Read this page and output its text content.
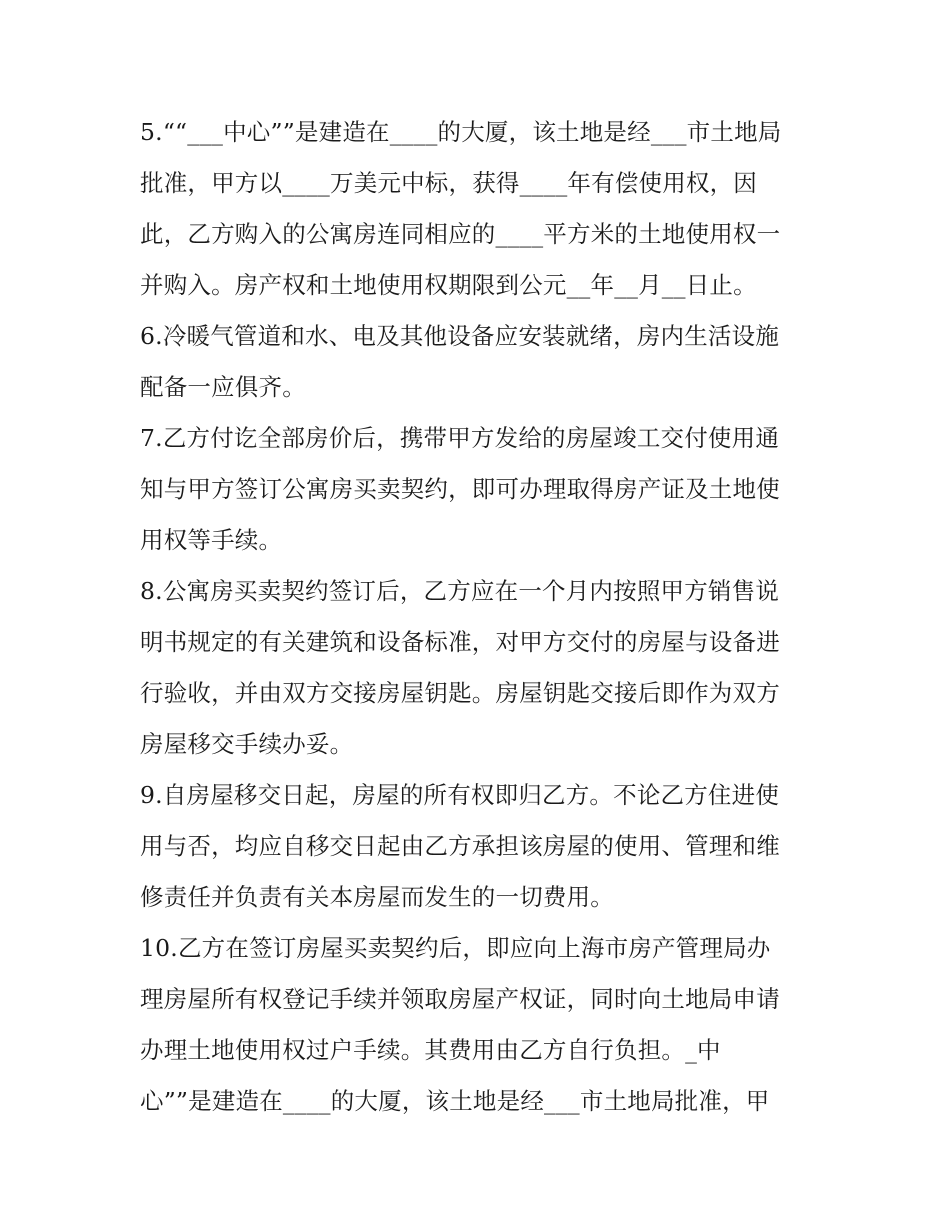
5.““___中心””是建造在____的大厦，该土地是经___市土地局
批准，甲方以____万美元中标，获得____年有偿使用权，因
此，乙方购入的公寓房连同相应的____平方米的土地使用权一
并购入。房产权和土地使用权期限到公元__年__月__日止。
6.冷暖气管道和水、电及其他设备应安装就绪，房内生活设施
配备一应俱齐。
7.乙方付讫全部房价后，携带甲方发给的房屋竣工交付使用通
知与甲方签订公寓房买卖契约，即可办理取得房产证及土地使
用权等手续。
8.公寓房买卖契约签订后，乙方应在一个月内按照甲方销售说
明书规定的有关建筑和设备标准，对甲方交付的房屋与设备进
行验收，并由双方交接房屋钥匙。房屋钥匙交接后即作为双方
房屋移交手续办妥。
9.自房屋移交日起，房屋的所有权即归乙方。不论乙方住进使
用与否，均应自移交日起由乙方承担该房屋的使用、管理和维
修责任并负责有关本房屋而发生的一切费用。
10.乙方在签订房屋买卖契约后，即应向上海市房产管理局办
理房屋所有权登记手续并领取房屋产权证，同时向土地局申请
办理土地使用权过户手续。其费用由乙方自行负担。_中
心””是建造在____的大厦，该土地是经___市土地局批准，甲
